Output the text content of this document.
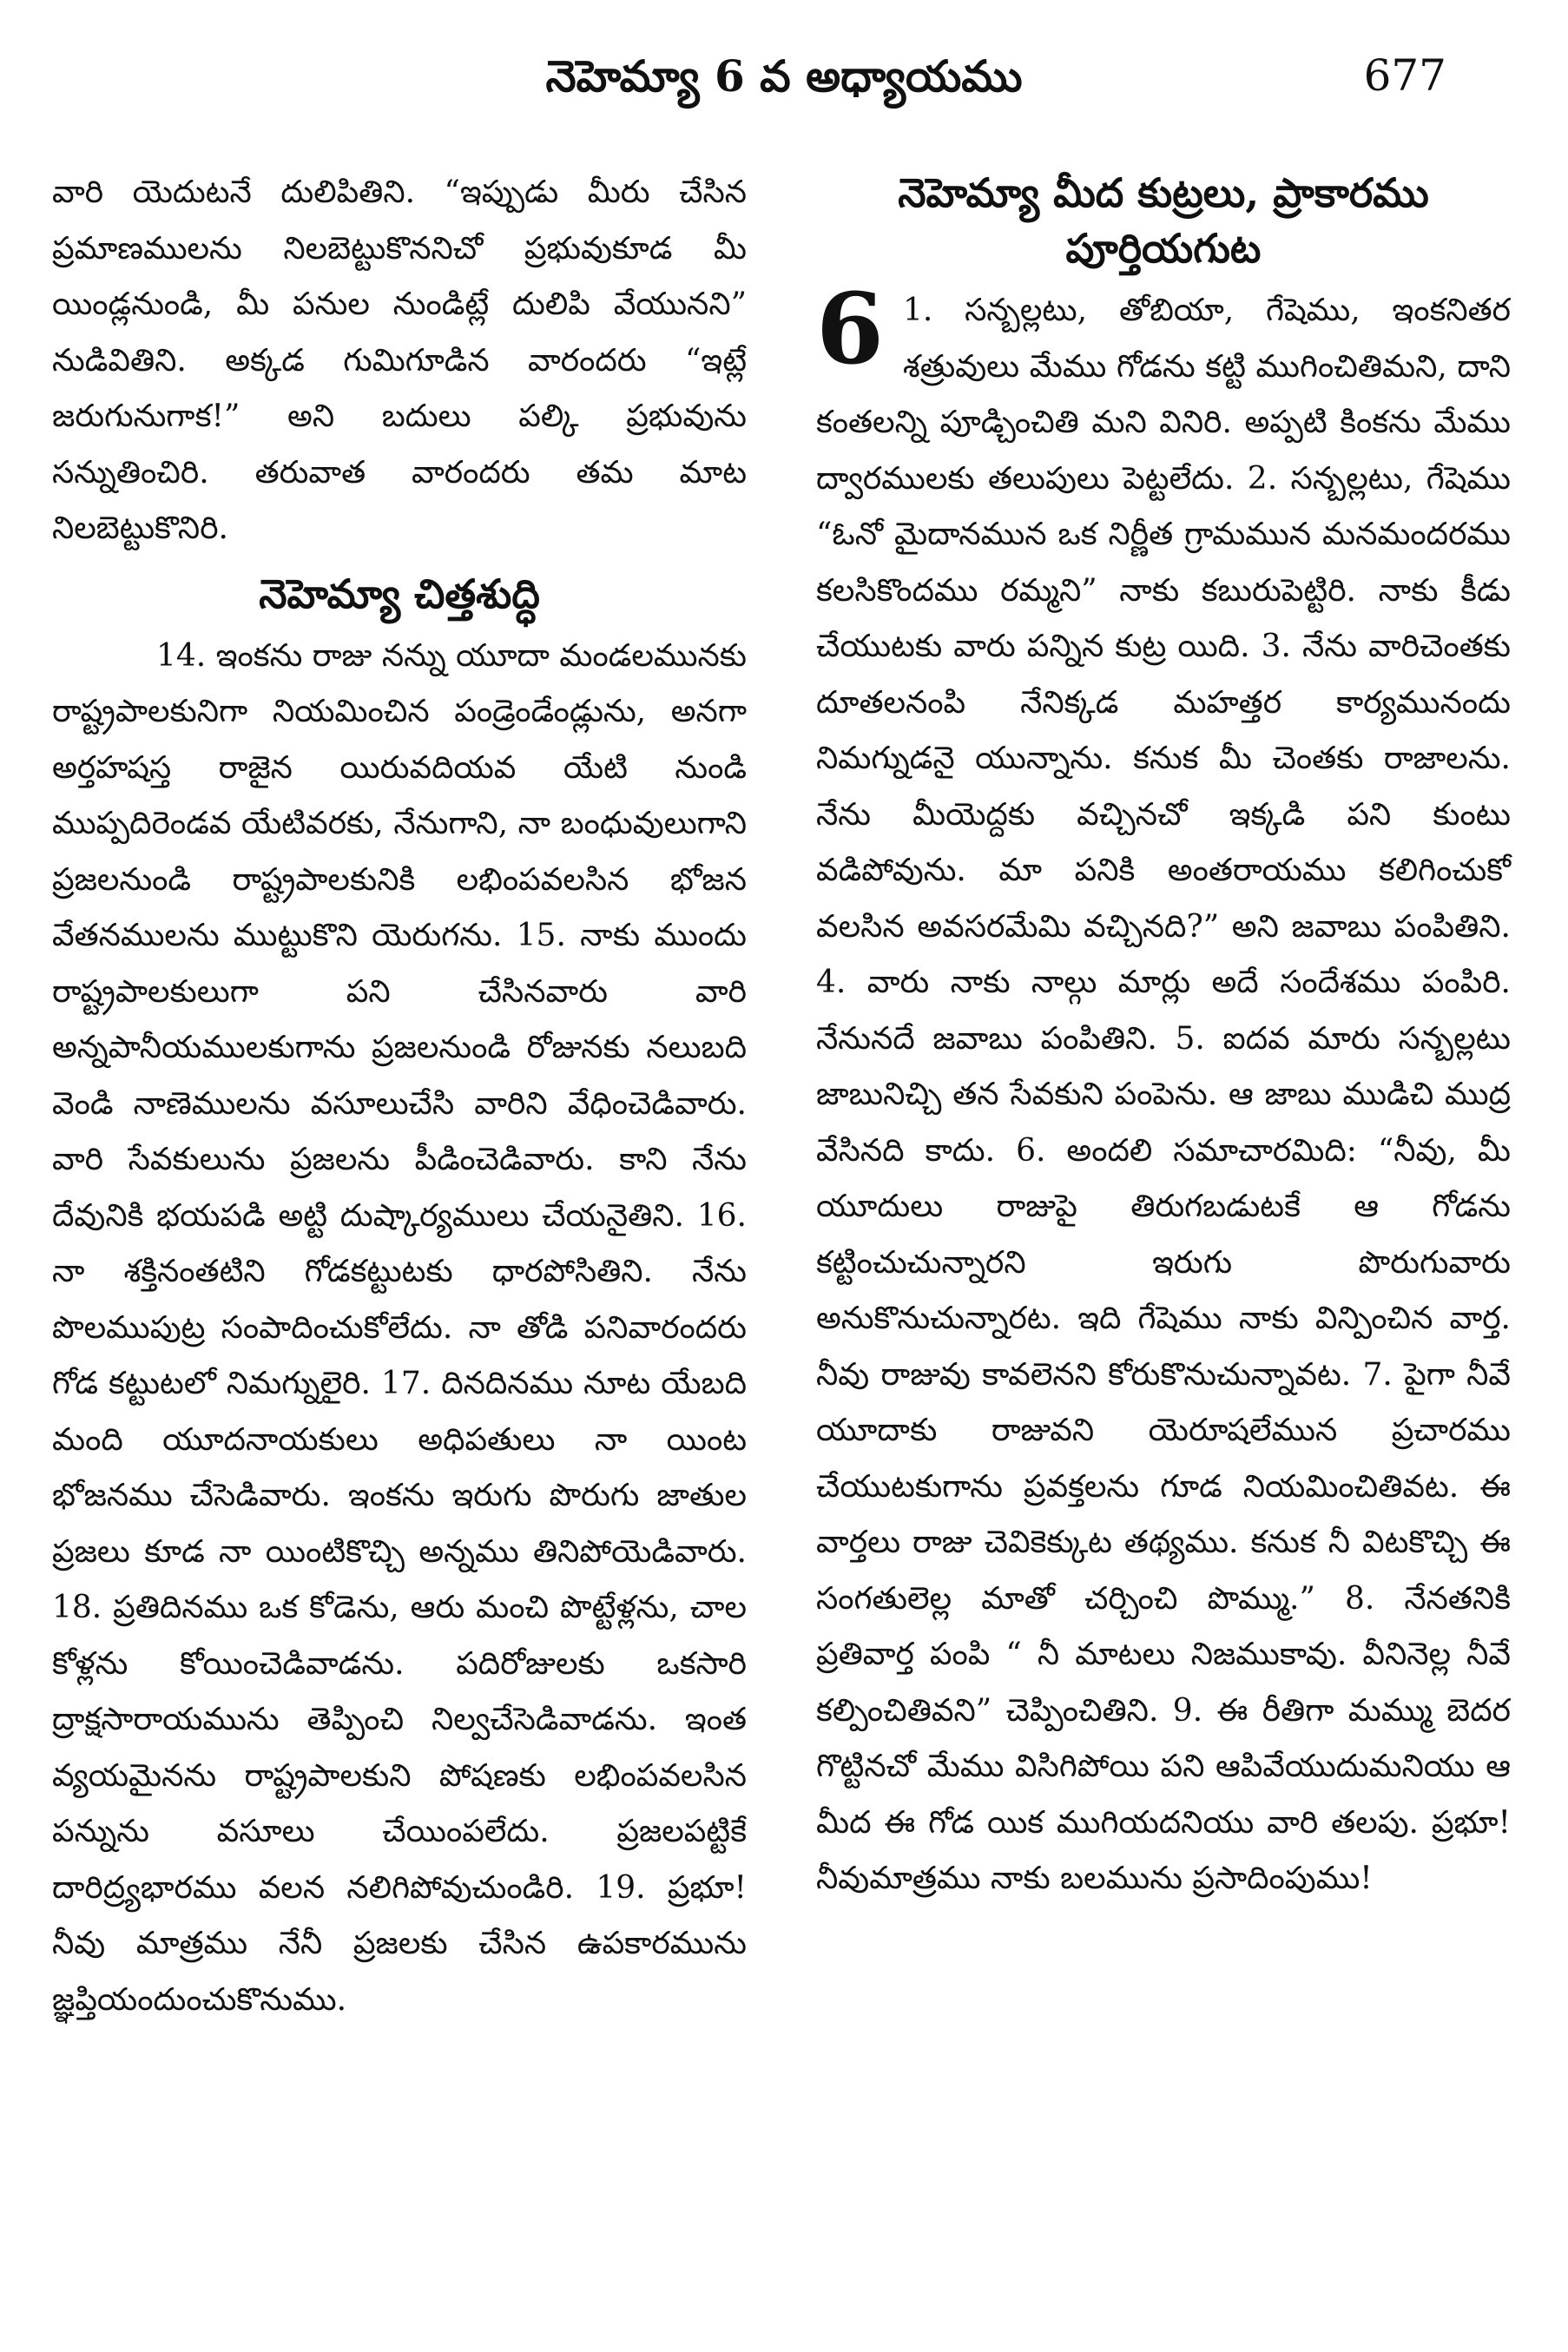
నెహెమ్యా 6 వ అధ్యాయము	677

వారి యెదుటనే దులిపితిని. “ఇప్పుడు మీరు చేసిన ప్రమాణములను నిలబెట్టుకొననిచో ప్రభువుకూడ మీ యిండ్లనుండి, మీ పనుల నుండిట్లే దులిపి వేయునని” నుడివితిని. అక్కడ గుమిగూడిన వారందరు “ఇట్లే జరుగునుగాక!” అని బదులు పల్కి ప్రభువును సన్నుతించిరి. తరువాత వారందరు తమ మాట నిలబెట్టుకొనిరి.

నెహెమ్యా చిత్తశుద్ధి

14. ఇంకను రాజు నన్ను యూదా మండలమునకు రాష్ట్రపాలకునిగా నియమించిన పండ్రెండేండ్లును, అనగా అర్తహషస్త రాజైన యిరువదియవ యేటి నుండి ముప్పదిరెండవ యేటివరకు, నేనుగాని, నా బంధువులుగాని ప్రజలనుండి రాష్ట్రపాలకునికి లభింపవలసిన భోజన వేతనములను ముట్టుకొని యెరుగను. 15. నాకు ముందు రాష్ట్రపాలకులుగా పని చేసినవారు వారి అన్నపానీయములకుగాను ప్రజలనుండి రోజునకు నలుబది వెండి నాణెములను వసూలుచేసి వారిని వేధించెడివారు. వారి సేవకులును ప్రజలను పీడించెడివారు. కాని నేను దేవునికి భయపడి అట్టి దుష్కార్యములు చేయనైతిని. 16. నా శక్తినంతటిని గోడకట్టుటకు ధారపోసితిని. నేను పొలముపుట్ర సంపాదించుకోలేదు. నా తోడి పనివారందరు గోడ కట్టుటలో నిమగ్నులైరి. 17. దినదినము నూట యేబది మంది యూదనాయకులు అధిపతులు నా యింట భోజనము చేసెడివారు. ఇంకను ఇరుగు పొరుగు జాతుల ప్రజలు కూడ నా యింటికొచ్చి అన్నము తినిపోయెడివారు. 18. ప్రతిదినము ఒక కోడెను, ఆరు మంచి పొట్టేళ్లను, చాల కోళ్లను కోయించెడివాడను. పదిరోజులకు ఒకసారి ద్రాక్షసారాయమును తెప్పించి నిల్వచేసెడివాడను. ఇంత వ్యయమైనను రాష్ట్రపాలకుని పోషణకు లభింపవలసిన పన్నును వసూలు చేయింపలేదు. ప్రజలపట్టికే దారిద్ర్యభారము వలన నలిగిపోవుచుండిరి. 19. ప్రభూ! నీవు మాత్రము నేనీ ప్రజలకు చేసిన ఉపకారమును జ్ఞప్తియందుంచుకొనుము.

నెహెమ్యా మీద కుట్రలు, ప్రాకారము పూర్తియగుట
6 1. సన్బల్లటు, తోబియా, గేషెము, ఇంకనితర శత్రువులు మేము గోడను కట్టి ముగించితిమని, దాని కంతలన్ని పూడ్చించితి మని వినిరి. అప్పటి కింకను మేము ద్వారములకు తలుపులు పెట్టలేదు. 2. సన్బల్లటు, గేషెము “ఓనో మైదానమున ఒక నిర్ణీత గ్రామమున మనమందరము కలసికొందము రమ్మని” నాకు కబురుపెట్టిరి. నాకు కీడు చేయుటకు వారు పన్నిన కుట్ర యిది. 3. నేను వారిచెంతకు దూతలనంపి నేనిక్కడ మహత్తర కార్యమునందు నిమగ్నుడనై యున్నాను. కనుక మీ చెంతకు రాజాలను. నేను మీయెద్దకు వచ్చినచో ఇక్కడి పని కుంటు వడిపోవును. మా పనికి అంతరాయము కలిగించుకో వలసిన అవసరమేమి వచ్చినది?” అని జవాబు పంపితిని. 4. వారు నాకు నాల్గు మార్లు అదే సందేశము పంపిరి. నేనునదే జవాబు పంపితిని. 5. ఐదవ మారు సన్బల్లటు జాబునిచ్చి తన సేవకుని పంపెను. ఆ జాబు ముడిచి ముద్ర వేసినది కాదు. 6. అందలి సమాచారమిది: “నీవు, మీ యూదులు రాజుపై తిరుగబడుటకే ఆ గోడను కట్టించుచున్నారని ఇరుగు పొరుగువారు అనుకొనుచున్నారట. ఇది గేషెము నాకు విన్పించిన వార్త. నీవు రాజువు కావలెనని కోరుకొనుచున్నావట. 7. పైగా నీవే యూదాకు రాజువని యెరూషలేమున ప్రచారము చేయుటకుగాను ప్రవక్తలను గూడ నియమించితివట. ఈ వార్తలు రాజు చెవికెక్కుట తథ్యము. కనుక నీ విటకొచ్చి ఈ సంగతులెల్ల మాతో చర్చించి పొమ్ము.” 8. నేనతనికి ప్రతివార్త పంపి “ నీ మాటలు నిజముకావు. వీనినెల్ల నీవే కల్పించితివని” చెప్పించితిని. 9. ఈ రీతిగా మమ్ము బెదర గొట్టినచో మేము విసిగిపోయి పని ఆపివేయుదుమనియు ఆ మీద ఈ గోడ యిక ముగియదనియు వారి తలపు. ప్రభూ! నీవుమాత్రము నాకు బలమును ప్రసాదింపుము!
